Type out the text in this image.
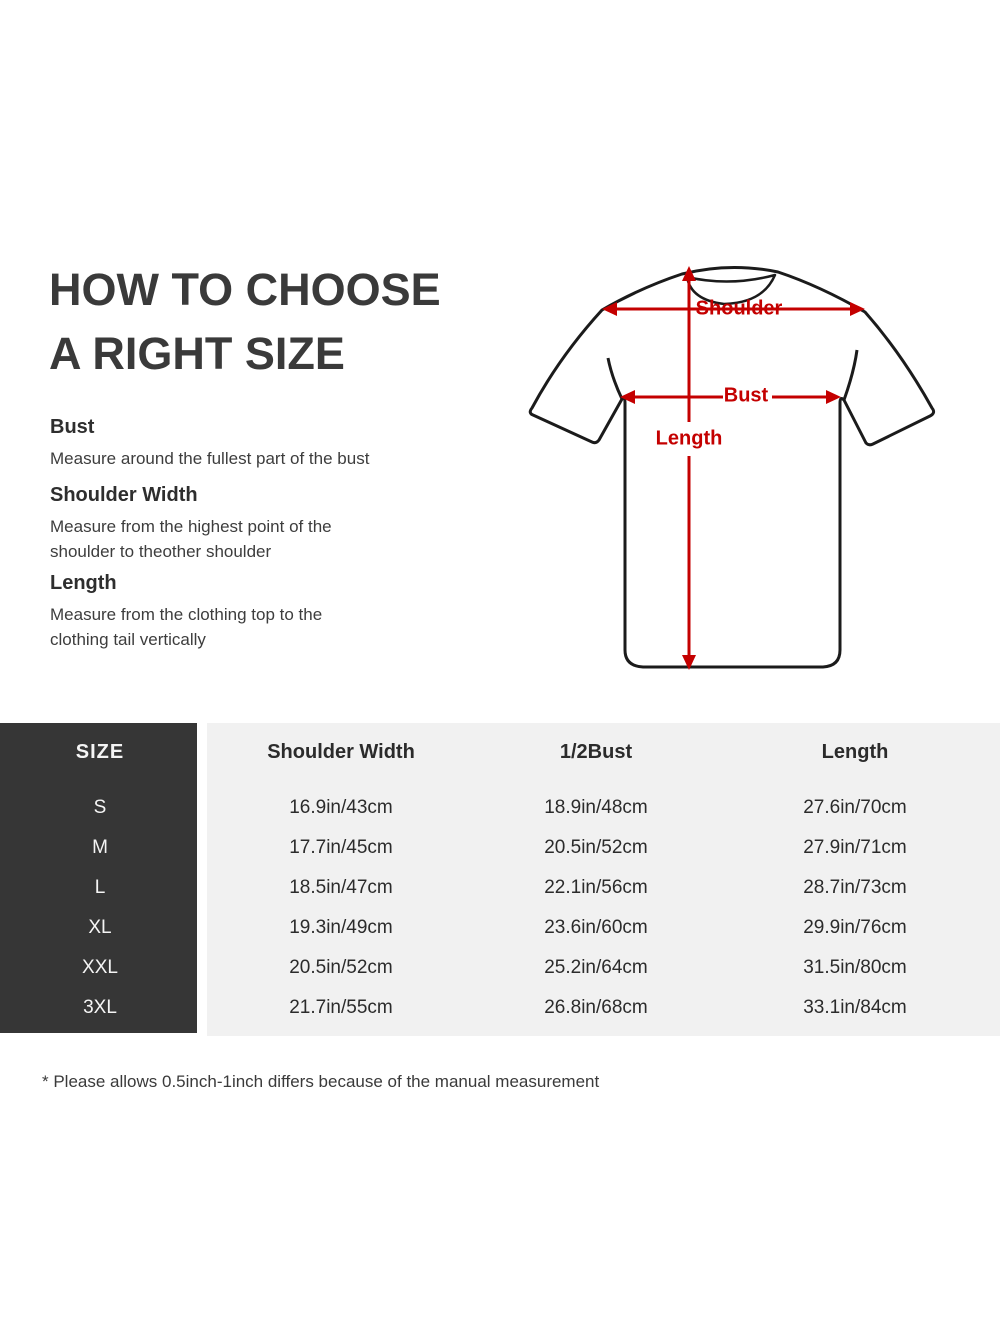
HOW TO CHOOSE
A RIGHT SIZE

Bust

Measure around the fullest part of the bust

Shoulder Width

Measure from the highest point of the

shoulder to theother shoulder

Length

Measure from the clothing top to the

clothing tail vertically

Shoulder
Bust
Length
SIZE	Shoulder Width	1/2Bust	Length
S	16.9in/43cm	18.9in/48cm	27.6in/70cm
M	17.7in/45cm	20.5in/52cm	27.9in/71cm
L	18.5in/47cm	22.1in/56cm	28.7in/73cm
XL	19.3in/49cm	23.6in/60cm	29.9in/76cm
XXL	20.5in/52cm	25.2in/64cm	31.5in/80cm
3XL	21.7in/55cm	26.8in/68cm	33.1in/84cm
* Please allows 0.5inch-1inch differs because of the manual measurement
